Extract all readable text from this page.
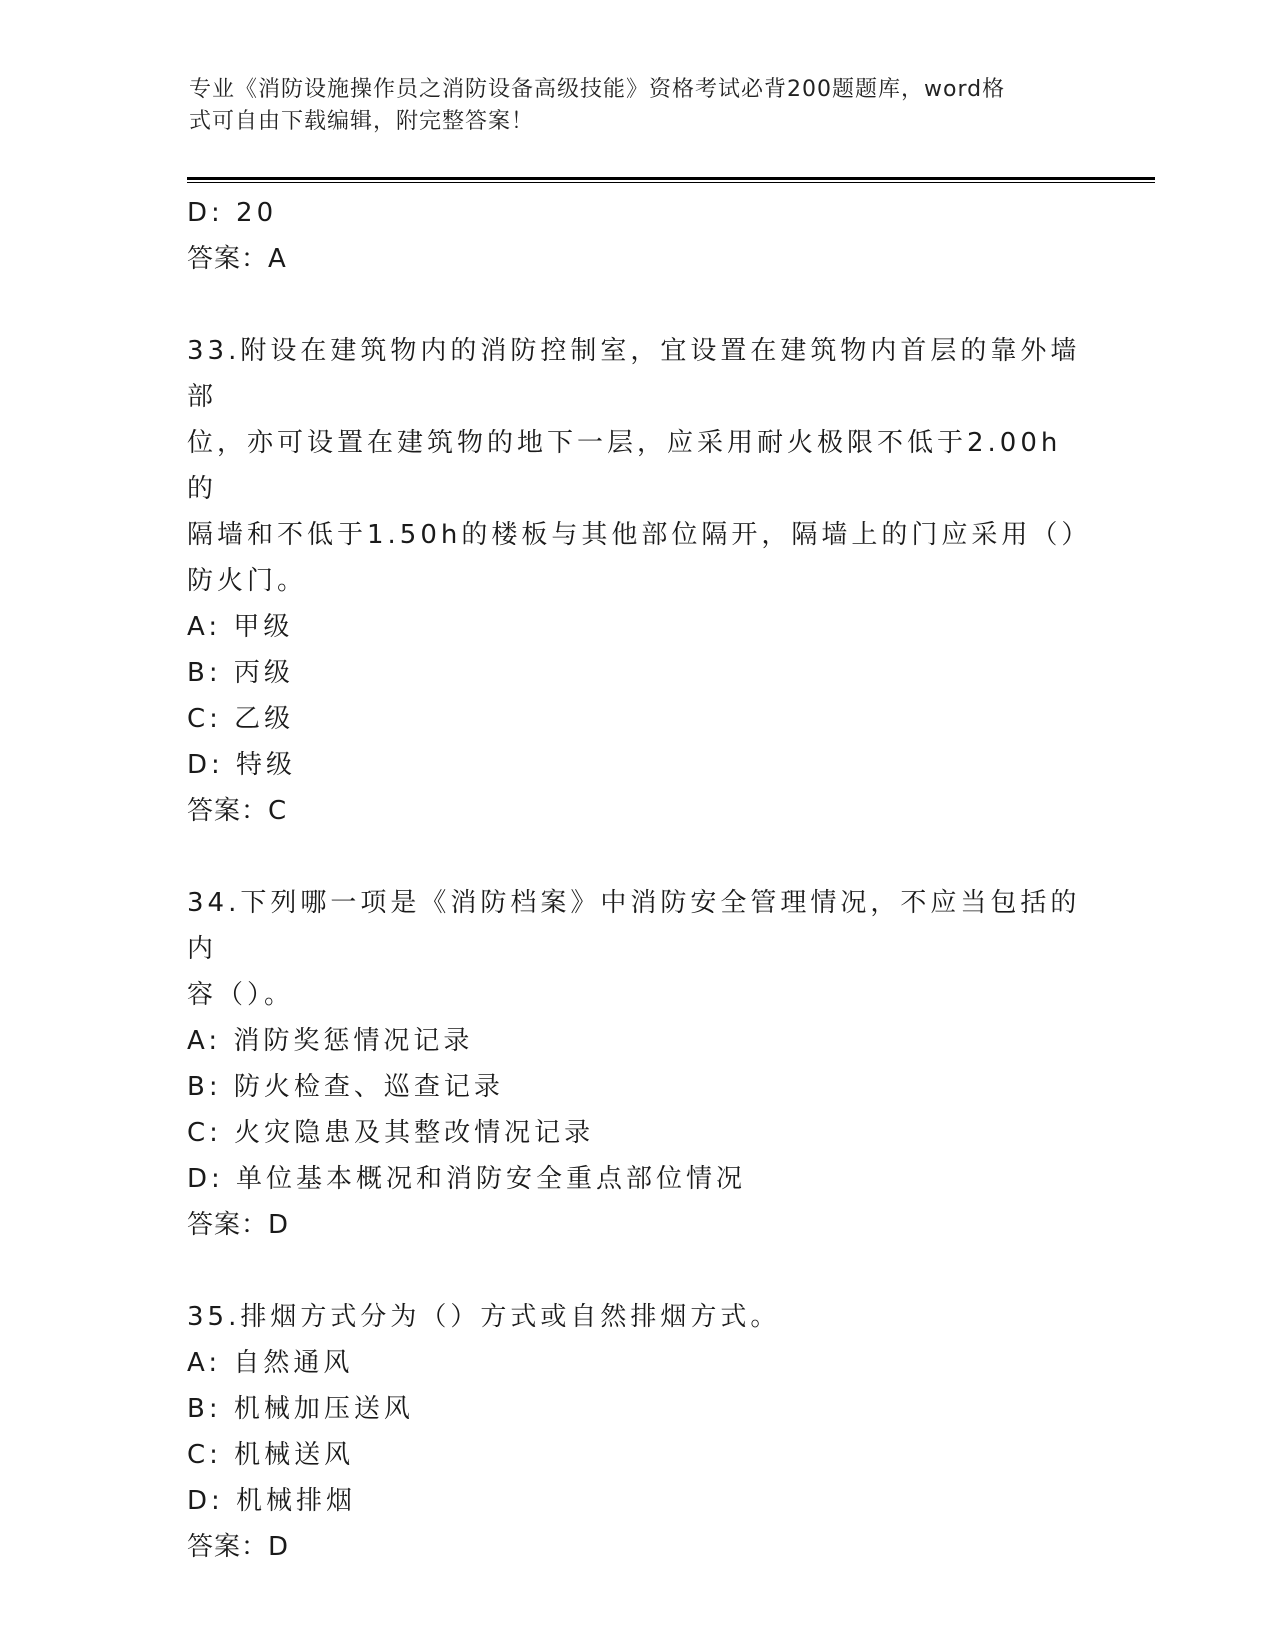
专业《消防设施操作员之消防设备高级技能》资格考试必背200题题库，word格
式可自由下载编辑，附完整答案！

D: 20

答案：A

33.附设在建筑物内的消防控制室，宜设置在建筑物内首层的靠外墙部

位，亦可设置在建筑物的地下一层，应采用耐火极限不低于2.00h的

隔墙和不低于1.50h的楼板与其他部位隔开，隔墙上的门应采用（）

防火门。

A: 甲级

B: 丙级

C: 乙级

D: 特级

答案：C

34.下列哪一项是《消防档案》中消防安全管理情况，不应当包括的内

容（）。

A: 消防奖惩情况记录

B: 防火检查、巡查记录

C: 火灾隐患及其整改情况记录

D: 单位基本概况和消防安全重点部位情况

答案：D

35.排烟方式分为（）方式或自然排烟方式。

A: 自然通风

B: 机械加压送风

C: 机械送风

D: 机械排烟

答案：D
